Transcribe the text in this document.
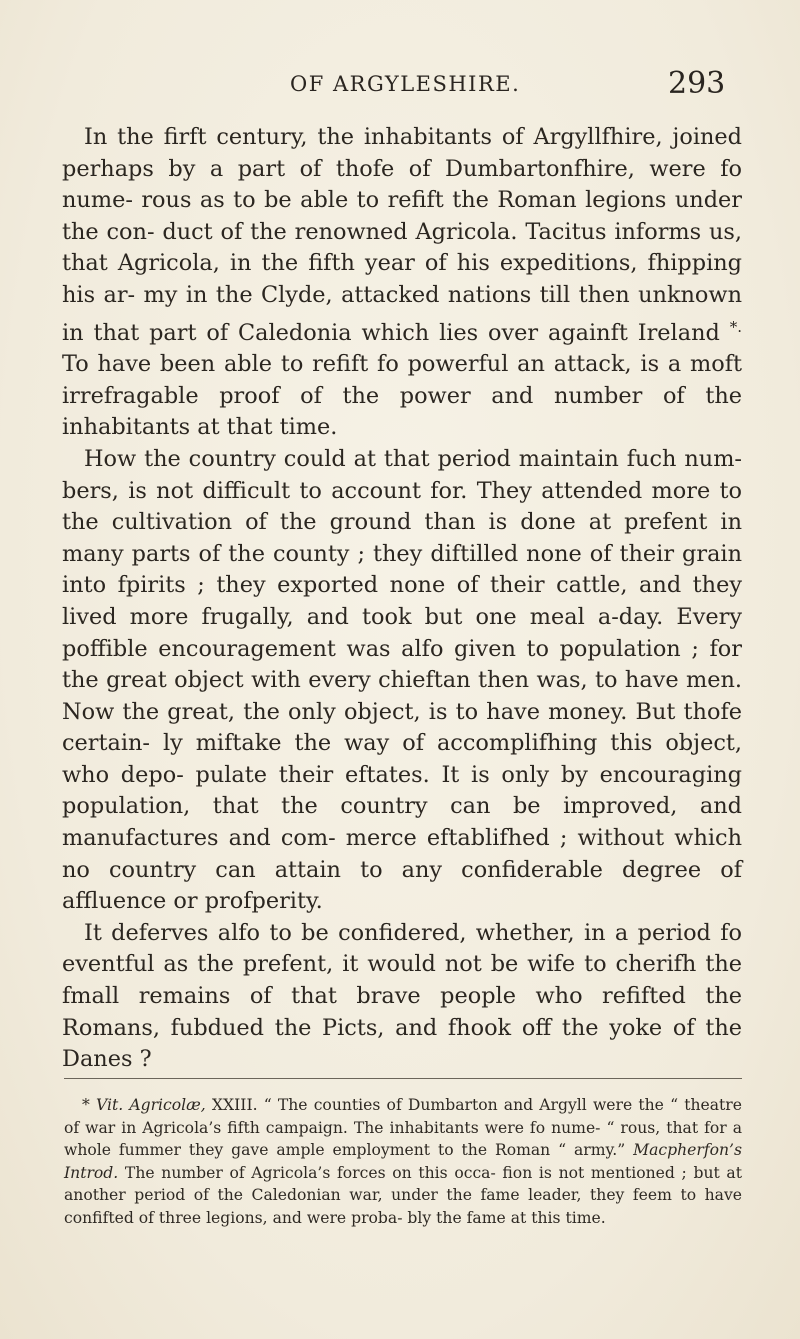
OF ARGYLESHIRE.	293

In the firft century, the inhabitants of Argyllfhire, joined perhaps by a part of thofe of Dumbartonfhire, were fo nume- rous as to be able to refift the Roman legions under the con- duct of the renowned Agricola. Tacitus informs us, that Agricola, in the fifth year of his expeditions, fhipping his ar- my in the Clyde, attacked nations till then unknown in that part of Caledonia which lies over againft Ireland *. To have been able to refift fo powerful an attack, is a moft irrefragable proof of the power and number of the inhabitants at that time.

How the country could at that period maintain fuch num- bers, is not difficult to account for. They attended more to the cultivation of the ground than is done at prefent in many parts of the county ; they diftilled none of their grain into fpirits ; they exported none of their cattle, and they lived more frugally, and took but one meal a-day. Every poffible encouragement was alfo given to population ; for the great object with every chieftan then was, to have men. Now the great, the only object, is to have money. But thofe certain- ly miftake the way of accomplifhing this object, who depo- pulate their eftates. It is only by encouraging population, that the country can be improved, and manufactures and com- merce eftablifhed ; without which no country can attain to any confiderable degree of affluence or profperity.

It deferves alfo to be confidered, whether, in a period fo eventful as the prefent, it would not be wife to cherifh the fmall remains of that brave people who refifted the Romans, fubdued the Picts, and fhook off the yoke of the Danes ?

* Vit. Agricolæ, XXIII. “ The counties of Dumbarton and Argyll were the “ theatre of war in Agricola’s fifth campaign. The inhabitants were fo nume- “ rous, that for a whole fummer they gave ample employment to the Roman “ army.” Macpherfon’s Introd. The number of Agricola’s forces on this occa- fion is not mentioned ; but at another period of the Caledonian war, under the fame leader, they feem to have confifted of three legions, and were proba- bly the fame at this time.
